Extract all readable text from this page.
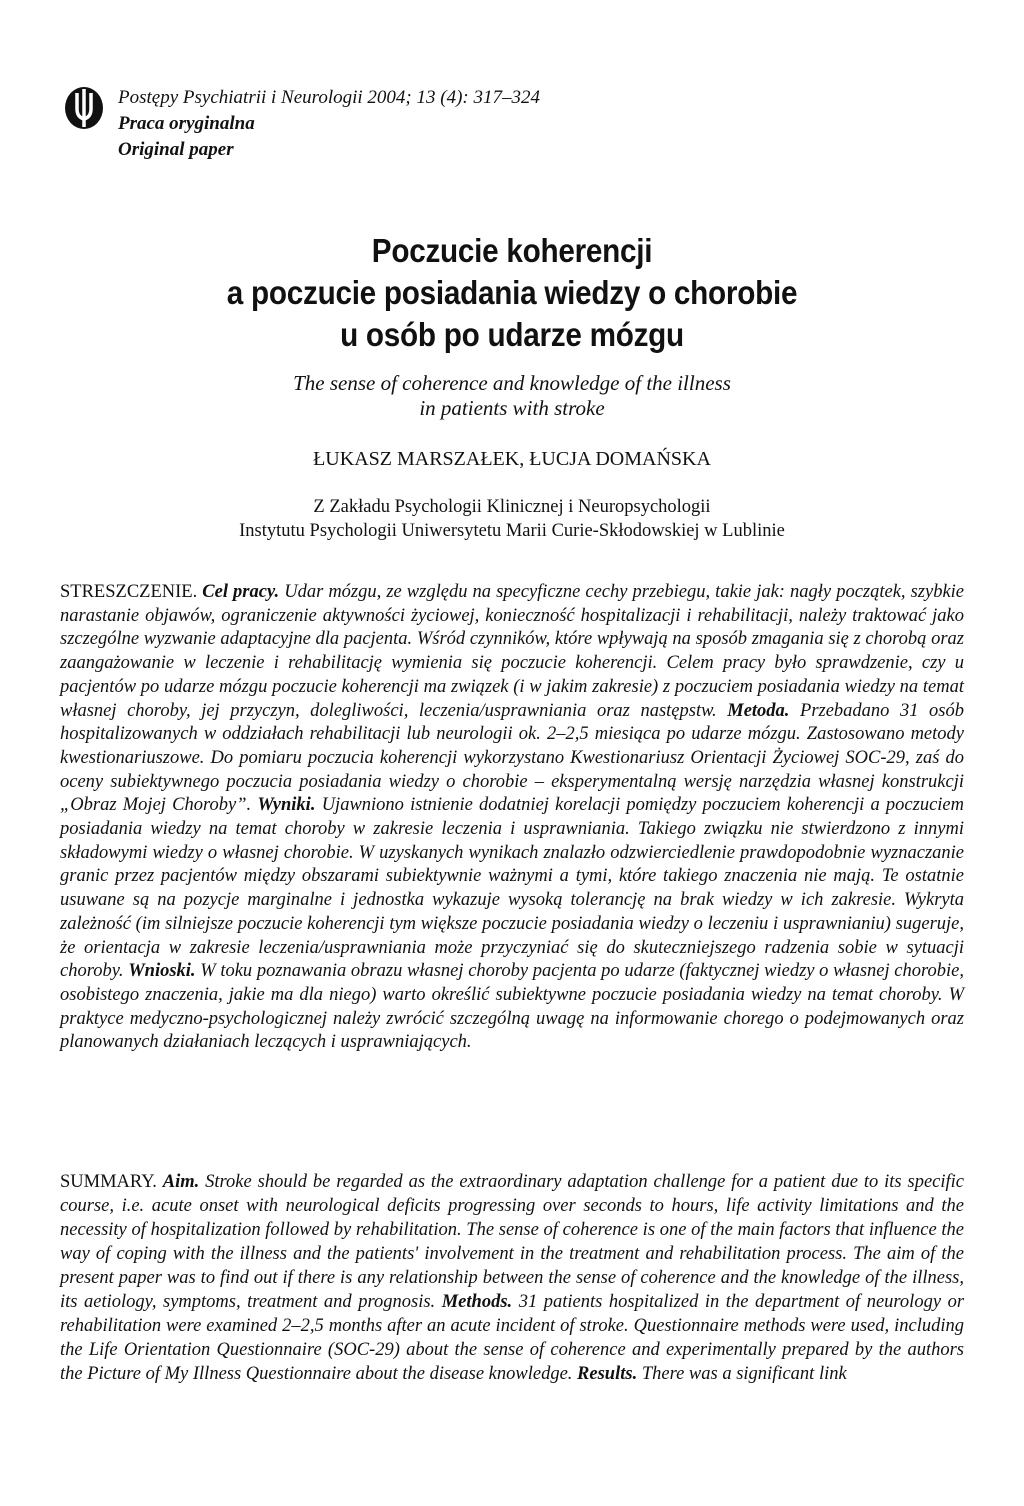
Postępy Psychiatrii i Neurologii 2004; 13 (4): 317–324
Praca oryginalna
Original paper
Poczucie koherencji
a poczucie posiadania wiedzy o chorobie
u osób po udarze mózgu
The sense of coherence and knowledge of the illness
in patients with stroke
ŁUKASZ MARSZAŁEK, ŁUCJA DOMAŃSKA
Z Zakładu Psychologii Klinicznej i Neuropsychologii
Instytutu Psychologii Uniwersytetu Marii Curie-Skłodowskiej w Lublinie
STRESZCZENIE. Cel pracy. Udar mózgu, ze względu na specyficzne cechy przebiegu, takie jak: nagły początek, szybkie narastanie objawów, ograniczenie aktywności życiowej, konieczność hospitalizacji i rehabilitacji, należy traktować jako szczególne wyzwanie adaptacyjne dla pacjenta. Wśród czynników, które wpływają na sposób zmagania się z chorobą oraz zaangażowanie w leczenie i rehabilitację wymienia się poczucie koherencji. Celem pracy było sprawdzenie, czy u pacjentów po udarze mózgu poczucie koherencji ma związek (i w jakim zakresie) z poczuciem posiadania wiedzy na temat własnej choroby, jej przyczyn, dolegliwości, leczenia/usprawniania oraz następstw. Metoda. Przebadano 31 osób hospitalizowanych w oddziałach rehabilitacji lub neurologii ok. 2–2,5 miesiąca po udarze mózgu. Zastosowano metody kwestionariuszowe. Do pomiaru poczucia koherencji wykorzystano Kwestionariusz Orientacji Życiowej SOC-29, zaś do oceny subiektywnego poczucia posiadania wiedzy o chorobie – eksperymentalną wersję narzędzia własnej konstrukcji „Obraz Mojej Choroby”. Wyniki. Ujawniono istnienie dodatniej korelacji pomiędzy poczuciem koherencji a poczuciem posiadania wiedzy na temat choroby w zakresie leczenia i usprawniania. Takiego związku nie stwierdzono z innymi składowymi wiedzy o własnej chorobie. W uzyskanych wynikach znalazło odzwierciedlenie prawdopodobnie wyznaczanie granic przez pacjentów między obszarami subiektywnie ważnymi a tymi, które takiego znaczenia nie mają. Te ostatnie usuwane są na pozycje marginalne i jednostka wykazuje wysoką tolerancję na brak wiedzy w ich zakresie. Wykryta zależność (im silniejsze poczucie koherencji tym większe poczucie posiadania wiedzy o leczeniu i usprawnianiu) sugeruje, że orientacja w zakresie leczenia/usprawniania może przyczyniać się do skuteczniejszego radzenia sobie w sytuacji choroby. Wnioski. W toku poznawania obrazu własnej choroby pacjenta po udarze (faktycznej wiedzy o własnej chorobie, osobistego znaczenia, jakie ma dla niego) warto określić subiektywne poczucie posiadania wiedzy na temat choroby. W praktyce medyczno-psychologicznej należy zwrócić szczególną uwagę na informowanie chorego o podejmowanych oraz planowanych działaniach leczących i usprawniających.
SUMMARY. Aim. Stroke should be regarded as the extraordinary adaptation challenge for a patient due to its specific course, i.e. acute onset with neurological deficits progressing over seconds to hours, life activity limitations and the necessity of hospitalization followed by rehabilitation. The sense of coherence is one of the main factors that influence the way of coping with the illness and the patients' involvement in the treatment and rehabilitation process. The aim of the present paper was to find out if there is any relationship between the sense of coherence and the knowledge of the illness, its aetiology, symptoms, treatment and prognosis. Methods. 31 patients hospitalized in the department of neurology or rehabilitation were examined 2–2,5 months after an acute incident of stroke. Questionnaire methods were used, including the Life Orientation Questionnaire (SOC-29) about the sense of coherence and experimentally prepared by the authors the Picture of My Illness Questionnaire about the disease knowledge. Results. There was a significant link
